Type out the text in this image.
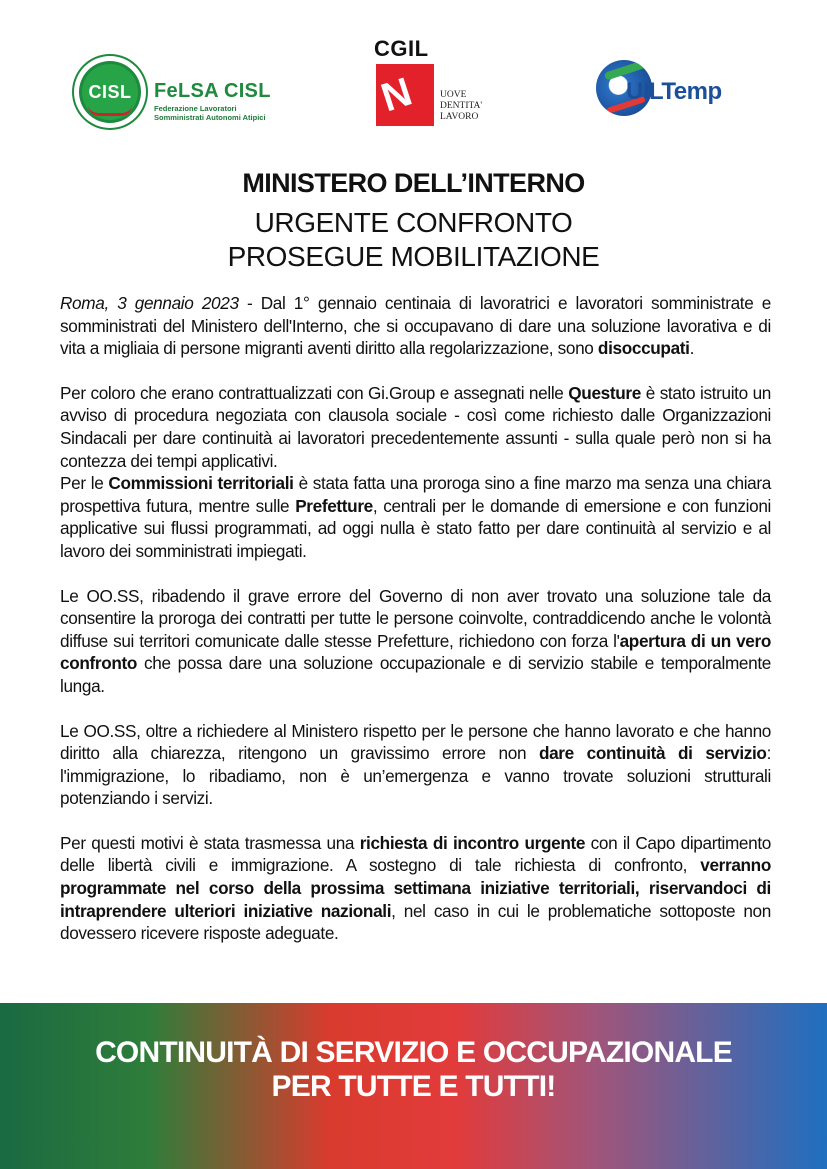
CISL	FeLSA CISL
Federazione Lavoratori
Somministrati Autonomi Atipici
CGIL
N	UOVE
DENTITA'
LAVORO
UILTemp
MINISTERO DELL’INTERNO
URGENTE CONFRONTO
PROSEGUE MOBILITAZIONE

Roma, 3 gennaio 2023 - Dal 1° gennaio centinaia di lavoratrici e lavoratori somministrate e somministrati del Ministero dell'Interno, che si occupavano di dare una soluzione lavorativa e di vita a migliaia di persone migranti aventi diritto alla regolarizzazione, sono disoccupati.

Per coloro che erano contrattualizzati con Gi.Group e assegnati nelle Questure è stato istruito un avviso di procedura negoziata con clausola sociale - così come richiesto dalle Organizzazioni Sindacali per dare continuità ai lavoratori precedentemente assunti - sulla quale però non si ha contezza dei tempi applicativi.

Per le Commissioni territoriali è stata fatta una proroga sino a fine marzo ma senza una chiara prospettiva futura, mentre sulle Prefetture, centrali per le domande di emersione e con funzioni applicative sui flussi programmati, ad oggi nulla è stato fatto per dare continuità al servizio e al lavoro dei somministrati impiegati.

Le OO.SS, ribadendo il grave errore del Governo di non aver trovato una soluzione tale da consentire la proroga dei contratti per tutte le persone coinvolte, contraddicendo anche le volontà diffuse sui territori comunicate dalle stesse Prefetture, richiedono con forza l'apertura di un vero confronto che possa dare una soluzione occupazionale e di servizio stabile e temporalmente lunga.

Le OO.SS, oltre a richiedere al Ministero rispetto per le persone che hanno lavorato e che hanno diritto alla chiarezza, ritengono un gravissimo errore non dare continuità di servizio: l'immigrazione, lo ribadiamo, non è un’emergenza e vanno trovate soluzioni strutturali potenziando i servizi.

Per questi motivi è stata trasmessa una richiesta di incontro urgente con il Capo dipartimento delle libertà civili e immigrazione. A sostegno di tale richiesta di confronto, verranno programmate nel corso della prossima settimana iniziative territoriali, riservandoci di intraprendere ulteriori iniziative nazionali, nel caso in cui le problematiche sottoposte non dovessero ricevere risposte adeguate.

CONTINUITÀ DI SERVIZIO E OCCUPAZIONALE
PER TUTTE E TUTTI!
